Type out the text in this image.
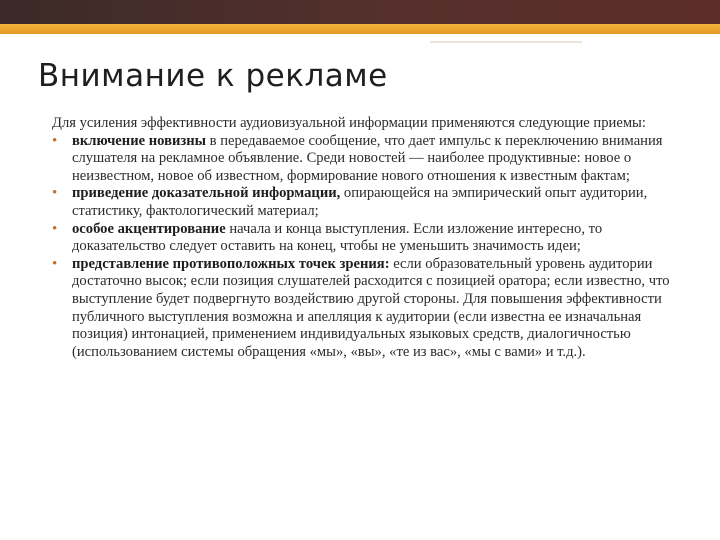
Внимание к рекламе

Для усиления эффективности аудиовизуальной информации применяются следующие приемы:

• включение новизны в передаваемое сообщение, что дает импульс к переключению внимания слушателя на рекламное объявление. Среди новостей — наиболее продуктивные: новое о неизвестном, новое об известном, формирование нового отношения к известным фактам;
• приведение доказательной информации, опирающейся на эмпирический опыт аудитории, статистику, фактологический материал;
• особое акцентирование начала и конца выступления. Если изложение интересно, то доказательство следует оставить на конец, чтобы не уменьшить значимость идеи;
• представление противоположных точек зрения: если образовательный уровень аудитории достаточно высок; если позиция слушателей расходится с позицией оратора; если известно, что выступление будет подвергнуто воздействию другой стороны. Для повышения эффективности публичного выступления возможна и апелляция к аудитории (если известна ее изначальная позиция) интонацией, применением индивидуальных языковых средств, диалогичностью (использованием системы обращения «мы», «вы», «те из вас», «мы с вами» и т.д.).
